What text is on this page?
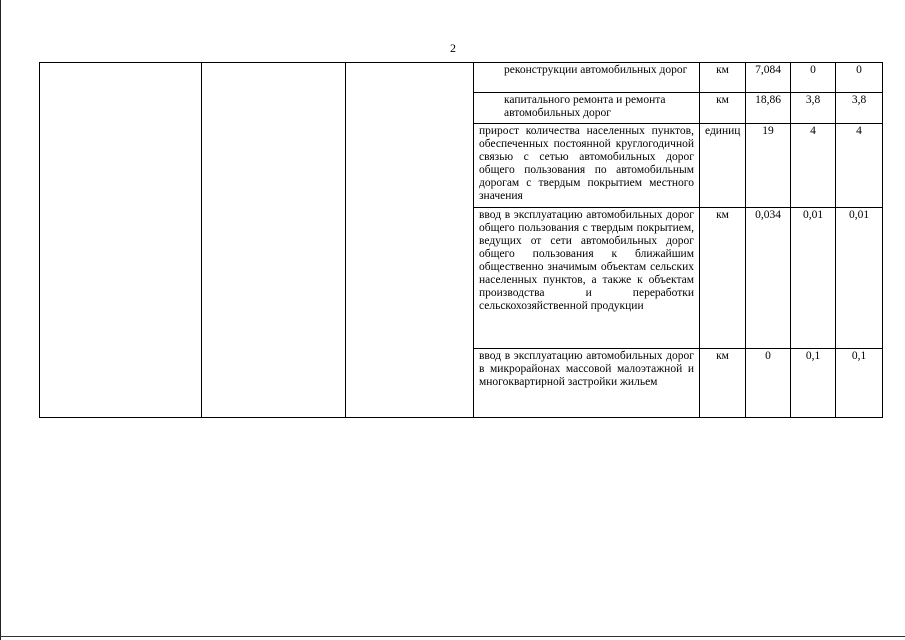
2
			реконструкции автомобильных дорог	км	7,084	0	0
			капитального ремонта и ремонта автомобильных дорог	км	18,86	3,8	3,8
			прирост количества населенных пунктов, обеспеченных постоянной круглогодичной связью с сетью автомобильных дорог общего пользования по автомобильным дорогам с твердым покрытием местного значения	единиц	19	4	4
			ввод в эксплуатацию автомобильных дорог общего пользования с твердым покрытием, ведущих от сети автомобильных дорог общего пользования к ближайшим общественно значимым объектам сельских населенных пунктов, а также к объектам производства и переработки сельскохозяйственной продукции	км	0,034	0,01	0,01
			ввод в эксплуатацию автомобильных дорог в микрорайонах массовой малоэтажной и многоквартирной застройки жильем	км	0	0,1	0,1
